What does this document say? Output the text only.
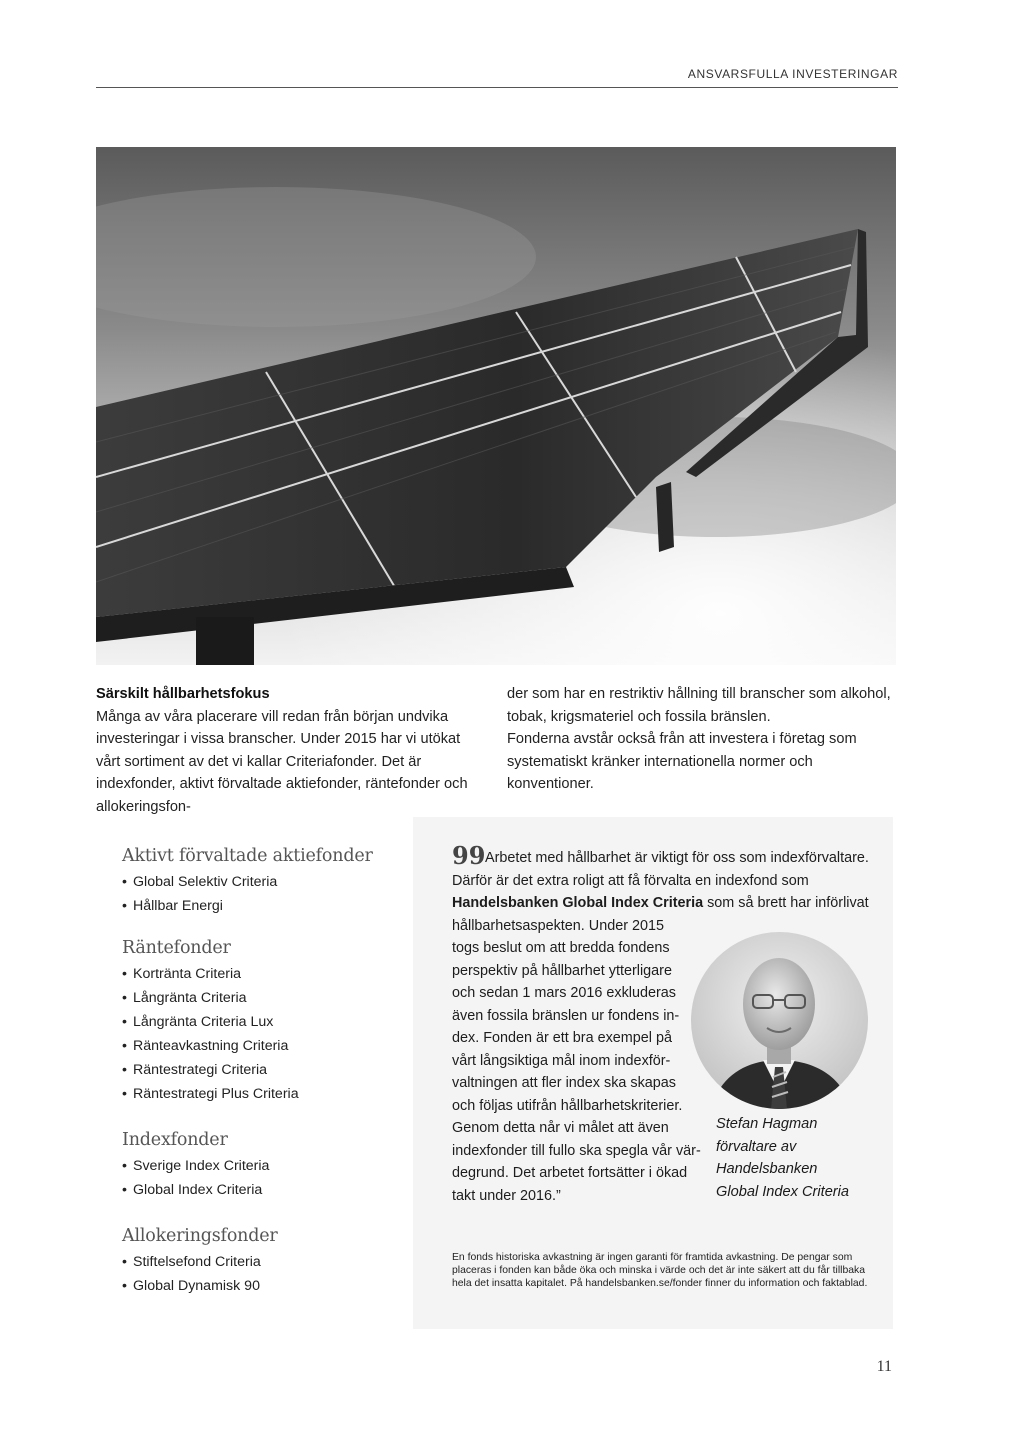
ANSVARSFULLA INVESTERINGAR
Särskilt hållbarhetsfokus
Många av våra placerare vill redan från början undvika investeringar i vissa branscher. Under 2015 har vi utökat vårt sortiment av det vi kallar Criteriafonder. Det är indexfonder, aktivt förvaltade aktiefonder, räntefonder och allokeringsfon-
der som har en restriktiv hållning till branscher som alkohol, tobak, krigsmateriel och fossila bränslen.
Fonderna avstår också från att investera i företag som systematiskt kränker internationella normer och konventioner.
Aktivt förvaltade aktiefonder
• Global Selektiv Criteria
• Hållbar Energi
Räntefonder
• Kortränta Criteria
• Långränta Criteria
• Långränta Criteria Lux
• Ränteavkastning Criteria
• Räntestrategi Criteria
• Räntestrategi Plus Criteria
Indexfonder
• Sverige Index Criteria
• Global Index Criteria
Allokeringsfonder
• Stiftelsefond Criteria
• Global Dynamisk 90

99Arbetet med hållbarhet är viktigt för oss som indexförvaltare. Därför är det extra roligt att få förvalta en indexfond som Handelsbanken Global Index Criteria som så brett har införlivat hållbarhetsaspekten. Under 2015

togs beslut om att bredda fondens
perspektiv på hållbarhet ytterligare
och sedan 1 mars 2016 exkluderas
även fossila bränslen ur fondens in-
dex. Fonden är ett bra exempel på
vårt långsiktiga mål inom indexför-
valtningen att fler index ska skapas
och följas utifrån hållbarhetskriterier.
Genom detta når vi målet att även
indexfonder till fullo ska spegla vår vär-
degrund. Det arbetet fortsätter i ökad
takt under 2016.”
Stefan Hagman
förvaltare av
Handelsbanken
Global Index Criteria
En fonds historiska avkastning är ingen garanti för framtida avkastning. De pengar som placeras i fonden kan både öka och minska i värde och det är inte säkert att du får tillbaka hela det insatta kapitalet. På handelsbanken.se/fonder finner du information och faktablad.
11
